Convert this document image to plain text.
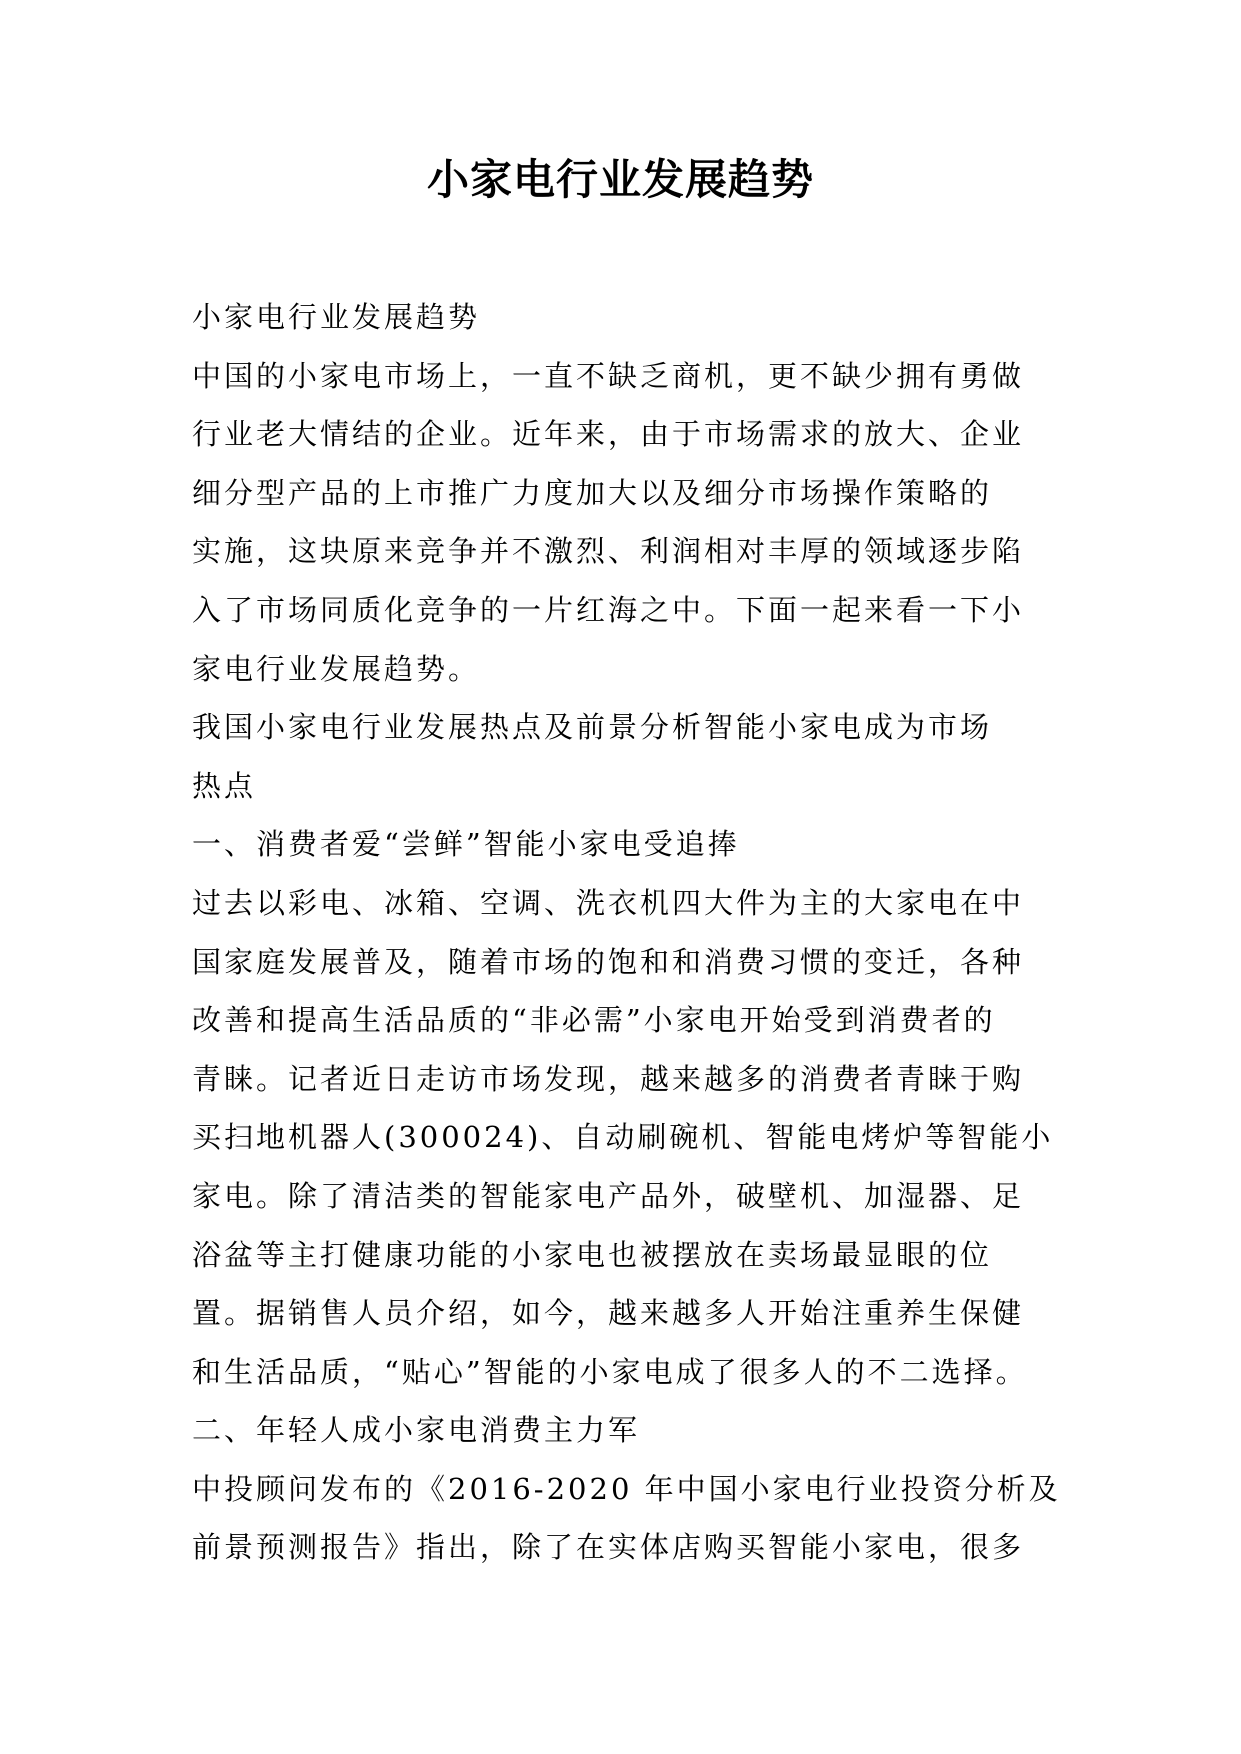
小家电行业发展趋势
小家电行业发展趋势
中国的小家电市场上，一直不缺乏商机，更不缺少拥有勇做
行业老大情结的企业。近年来，由于市场需求的放大、企业
细分型产品的上市推广力度加大以及细分市场操作策略的
实施，这块原来竞争并不激烈、利润相对丰厚的领域逐步陷
入了市场同质化竞争的一片红海之中。下面一起来看一下小
家电行业发展趋势。
我国小家电行业发展热点及前景分析智能小家电成为市场
热点
一、消费者爱“尝鲜”智能小家电受追捧
过去以彩电、冰箱、空调、洗衣机四大件为主的大家电在中
国家庭发展普及，随着市场的饱和和消费习惯的变迁，各种
改善和提高生活品质的“非必需”小家电开始受到消费者的
青睐。记者近日走访市场发现，越来越多的消费者青睐于购
买扫地机器人(300024)、自动刷碗机、智能电烤炉等智能小
家电。除了清洁类的智能家电产品外，破壁机、加湿器、足
浴盆等主打健康功能的小家电也被摆放在卖场最显眼的位
置。据销售人员介绍，如今，越来越多人开始注重养生保健
和生活品质，“贴心”智能的小家电成了很多人的不二选择。
二、年轻人成小家电消费主力军
中投顾问发布的《2016-2020 年中国小家电行业投资分析及
前景预测报告》指出，除了在实体店购买智能小家电，很多
